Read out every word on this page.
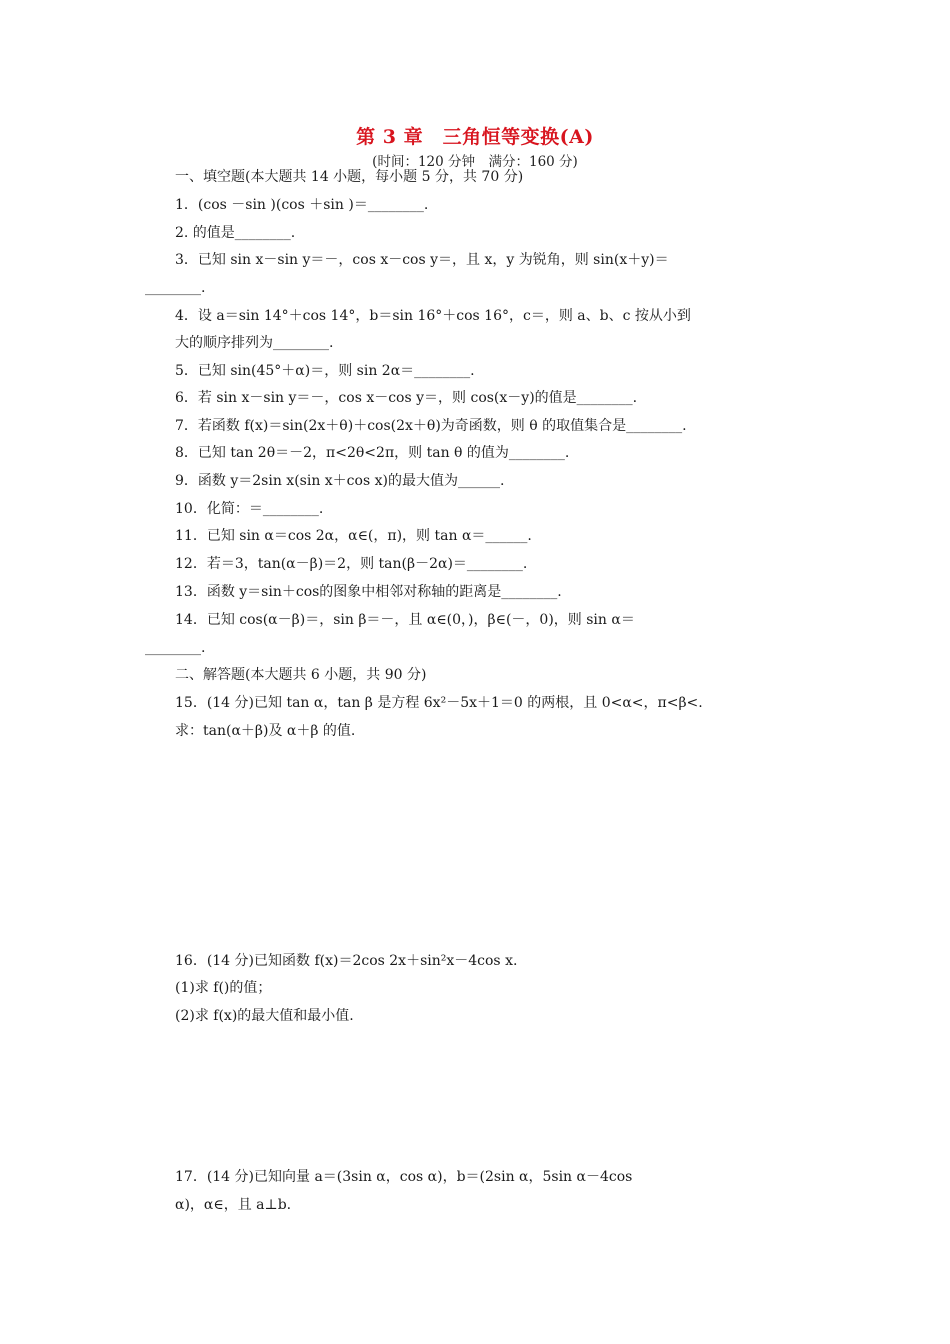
第 3 章　三角恒等变换(A)
(时间：120 分钟　满分：160 分)
一、填空题(本大题共 14 小题，每小题 5 分，共 70 分)
1．(cos －sin )(cos ＋sin )＝________.
2. 的值是________.
3．已知 sin x－sin y＝－，cos x－cos y＝，且 x，y 为锐角，则 sin(x＋y)＝
________.
4．设 a＝sin 14°＋cos 14°，b＝sin 16°＋cos 16°，c＝，则 a、b、c 按从小到
大的顺序排列为________.
5．已知 sin(45°＋α)＝，则 sin 2α＝________.
6．若 sin x－sin y＝－，cos x－cos y＝，则 cos(x－y)的值是________.
7．若函数 f(x)＝sin(2x＋θ)＋cos(2x＋θ)为奇函数，则 θ 的取值集合是________.
8．已知 tan 2θ＝－2，π<2θ<2π，则 tan θ 的值为________.
9．函数 y＝2sin x(sin x＋cos x)的最大值为______.
10．化简：＝________.
11．已知 sin α＝cos 2α，α∈(，π)，则 tan α＝______.
12．若＝3，tan(α－β)＝2，则 tan(β－2α)＝________.
13．函数 y＝sin＋cos的图象中相邻对称轴的距离是________.
14．已知 cos(α－β)＝，sin β＝－，且 α∈(0，)，β∈(－，0)，则 sin α＝
________.
二、解答题(本大题共 6 小题，共 90 分)
15．(14 分)已知 tan α，tan β 是方程 6x²－5x＋1＝0 的两根，且 0<α<，π<β<.
求：tan(α＋β)及 α＋β 的值.
16．(14 分)已知函数 f(x)＝2cos 2x＋sin²x－4cos x.
(1)求 f()的值；
(2)求 f(x)的最大值和最小值.
17．(14 分)已知向量 a＝(3sin α，cos α)，b＝(2sin α，5sin α－4cos
α)，α∈，且 a⊥b.
